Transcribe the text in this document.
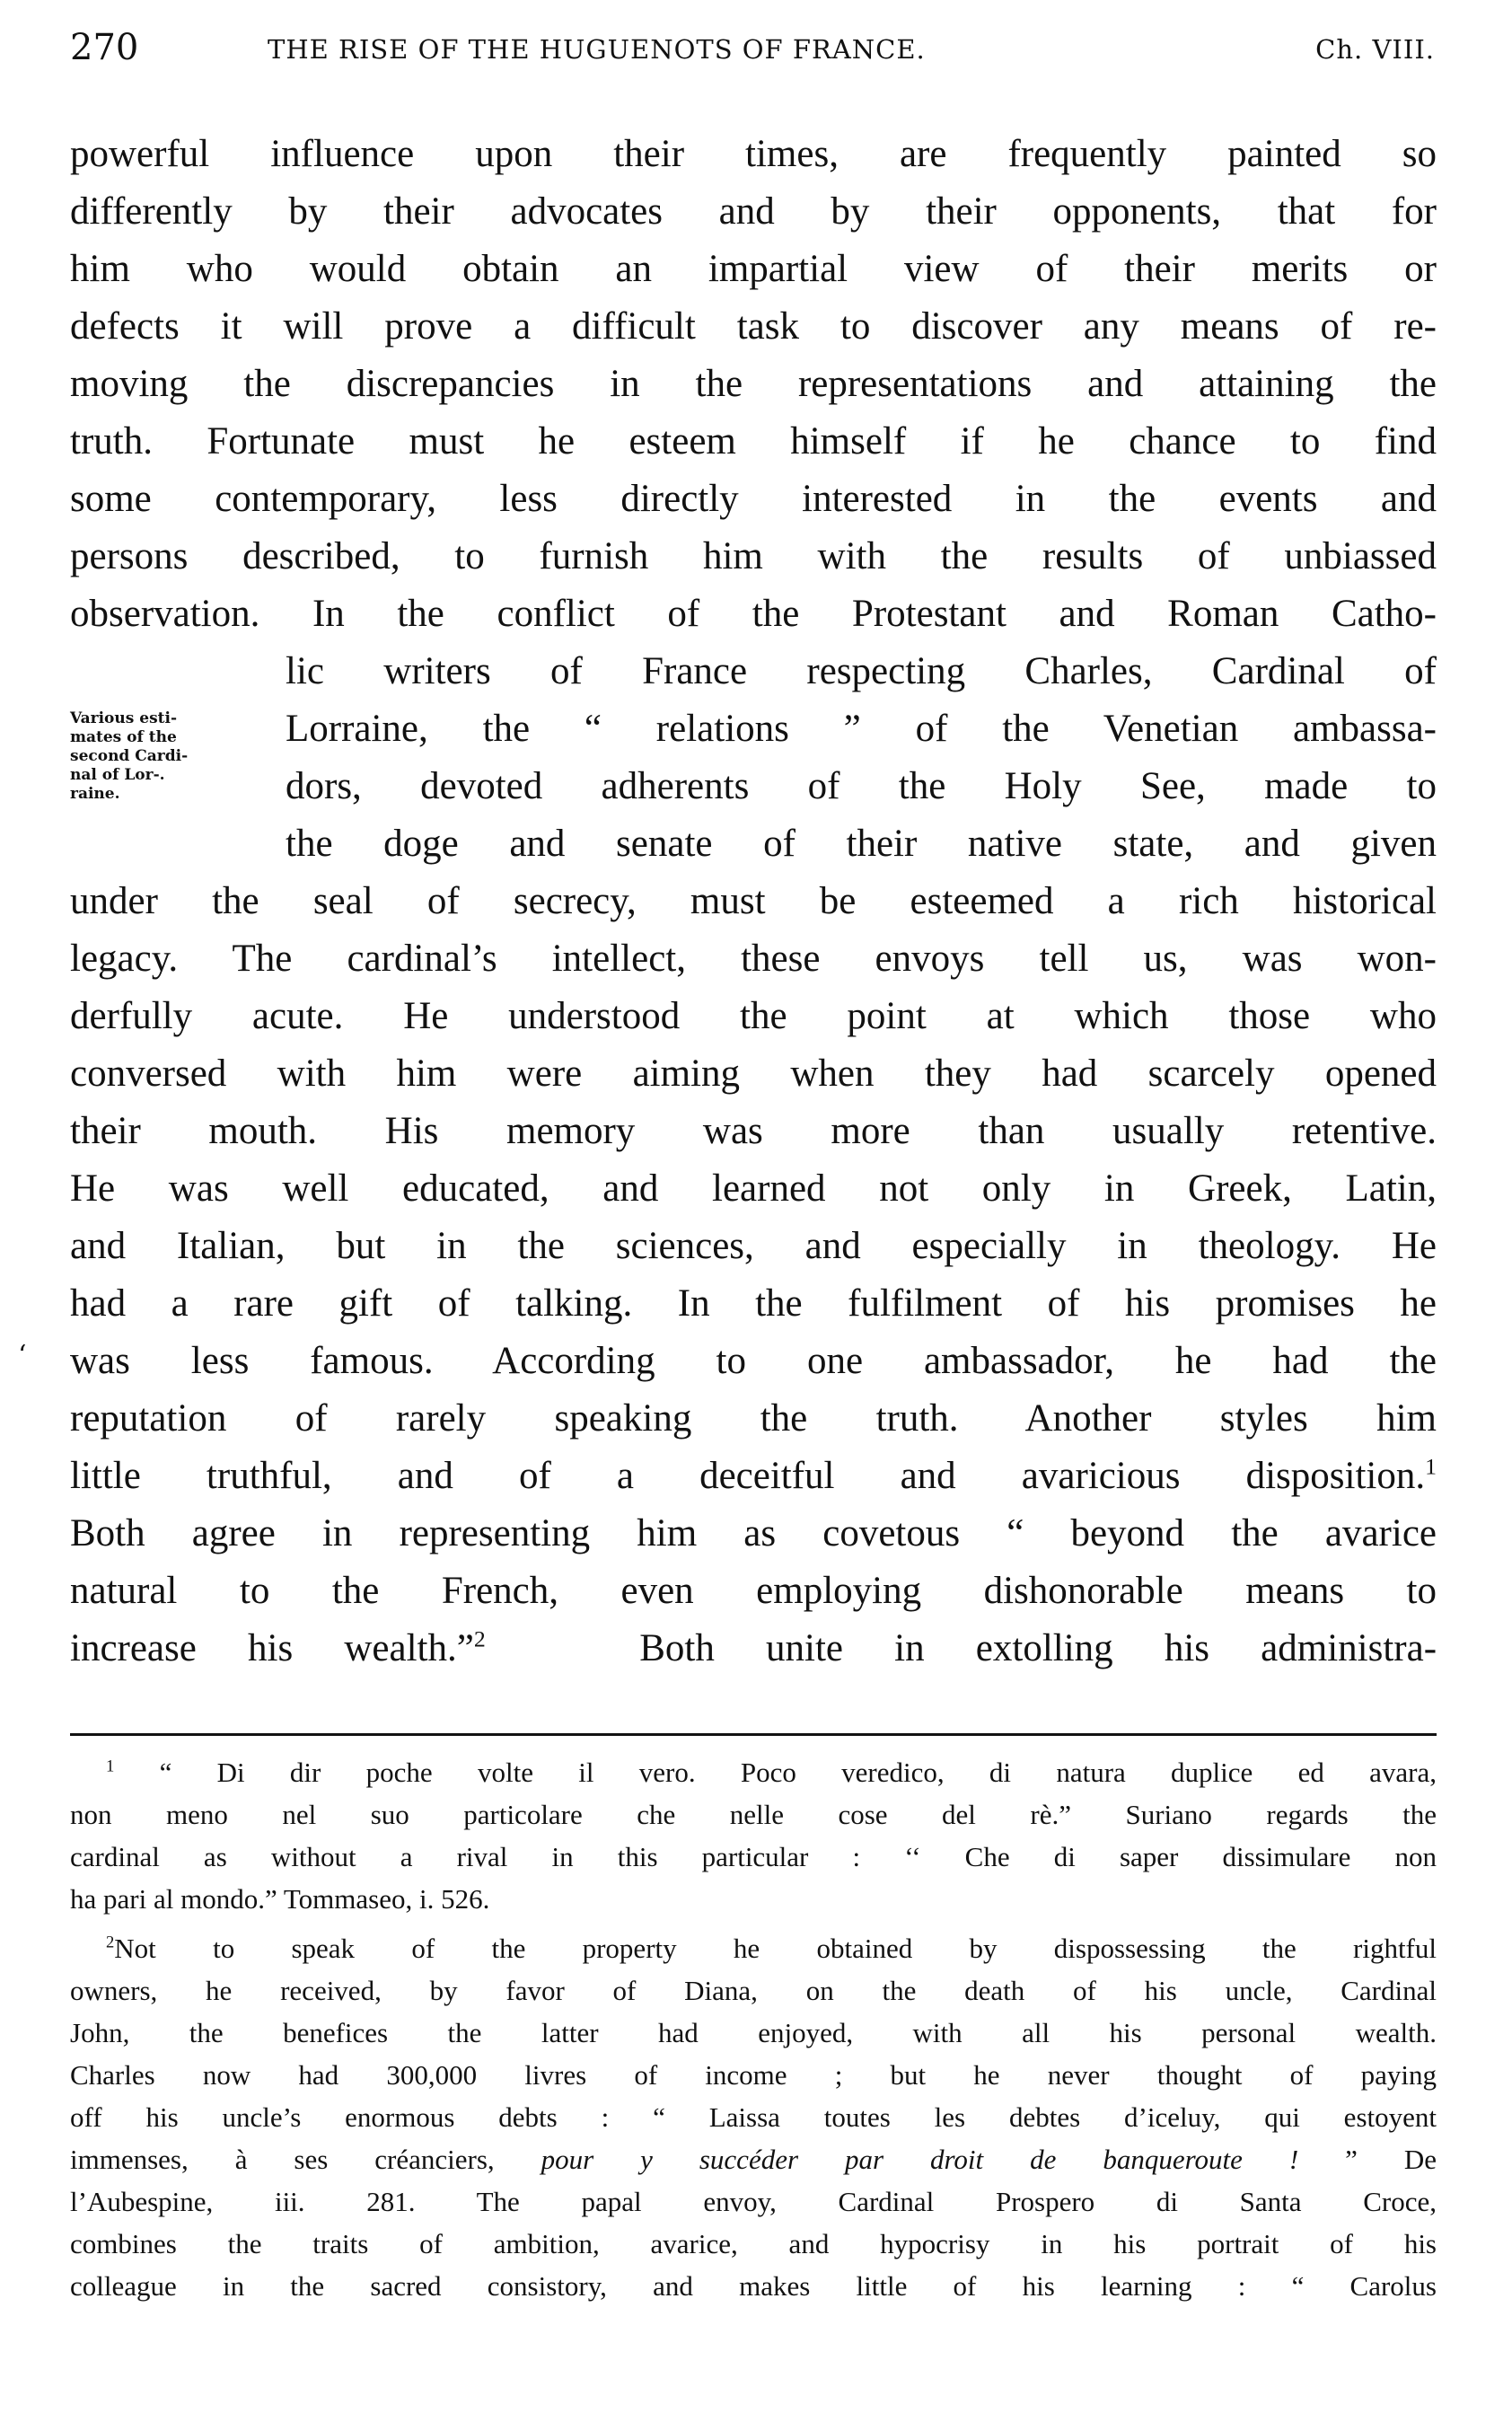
270	THE RISE OF THE HUGUENOTS OF FRANCE.	Ch. VIII.
powerful influence upon their times, are frequently painted so
differently by their advocates and by their opponents, that for
him who would obtain an impartial view of their merits or
defects it will prove a difficult task to discover any means of re-
moving the discrepancies in the representations and attaining the
truth. Fortunate must he esteem himself if he chance to find
some contemporary, less directly interested in the events and
persons described, to furnish him with the results of unbiassed
observation. In the conflict of the Protestant and Roman Catho-
lic writers of France respecting Charles, Cardinal of
Lorraine, the “ relations ” of the Venetian ambassa-
dors, devoted adherents of the Holy See, made to
the doge and senate of their native state, and given
under the seal of secrecy, must be esteemed a rich historical
legacy. The cardinal’s intellect, these envoys tell us, was won-
derfully acute. He understood the point at which those who
conversed with him were aiming when they had scarcely opened
their mouth. His memory was more than usually retentive.
He was well educated, and learned not only in Greek, Latin,
and Italian, but in the sciences, and especially in theology. He
had a rare gift of talking. In the fulfilment of his promises he
was less famous. According to one ambassador, he had the
reputation of rarely speaking the truth. Another styles him
little truthful, and of a deceitful and avaricious disposition.$^1$
Both agree in representing him as covetous “ beyond the avarice
natural to the French, even employing dishonorable means to
increase his wealth.”$^2$	Both unite in extolling his administra-
Various esti-
mates of the
second Cardi-
nal of Lor-.
raine.
‘
$^1$ “ Di dir poche volte il vero. Poco veredico, di natura duplice ed avara,
non meno nel suo particolare che nelle cose del rè.” Suriano regards the
cardinal as without a rival in this particular : ‘‘ Che di saper dissimulare non
ha pari al mondo.” Tommaseo, i. 526.
$^2$Not to speak of the property he obtained by dispossessing the rightful
owners, he received, by favor of Diana, on the death of his uncle, Cardinal
John, the benefices the latter had enjoyed, with all his personal wealth.
Charles now had 300,000 livres of income ; but he never thought of paying
off his uncle’s enormous debts : “ Laissa toutes les debtes d’iceluy, qui estoyent
immenses, à ses créanciers, pour y succéder par droit de banqueroute ! ” De
l’Aubespine, iii. 281. The papal envoy, Cardinal Prospero di Santa Croce,
combines the traits of ambition, avarice, and hypocrisy in his portrait of his
colleague in the sacred consistory, and makes little of his learning : “ Carolus
